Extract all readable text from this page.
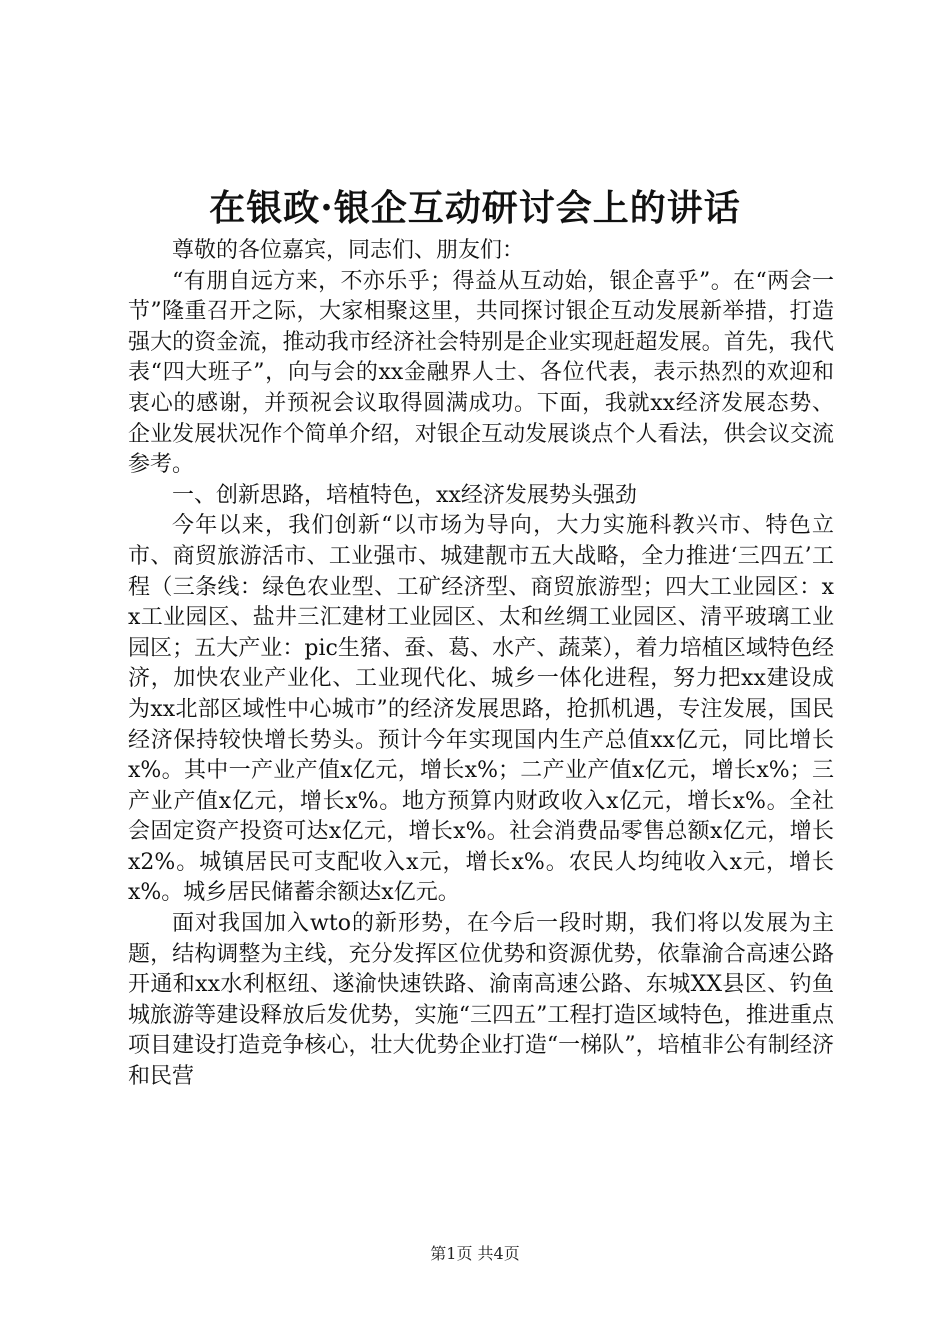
在银政·银企互动研讨会上的讲话

尊敬的各位嘉宾，同志们、朋友们：

“有朋自远方来，不亦乐乎；得益从互动始，银企喜乎”。在“两会一节”隆重召开之际，大家相聚这里，共同探讨银企互动发展新举措，打造强大的资金流，推动我市经济社会特别是企业实现赶超发展。首先，我代表“四大班子”，向与会的xx金融界人士、各位代表，表示热烈的欢迎和衷心的感谢，并预祝会议取得圆满成功。下面，我就xx经济发展态势、企业发展状况作个简单介绍，对银企互动发展谈点个人看法，供会议交流参考。

一、创新思路，培植特色，xx经济发展势头强劲

今年以来，我们创新“以市场为导向，大力实施科教兴市、特色立市、商贸旅游活市、工业强市、城建靓市五大战略，全力推进‘三四五’工程（三条线：绿色农业型、工矿经济型、商贸旅游型；四大工业园区：xx工业园区、盐井三汇建材工业园区、太和丝绸工业园区、清平玻璃工业园区；五大产业：pic生猪、蚕、葛、水产、蔬菜），着力培植区域特色经济，加快农业产业化、工业现代化、城乡一体化进程，努力把xx建设成为xx北部区域性中心城市”的经济发展思路，抢抓机遇，专注发展，国民经济保持较快增长势头。预计今年实现国内生产总值xx亿元，同比增长x%。其中一产业产值x亿元，增长x%；二产业产值x亿元，增长x%；三产业产值x亿元，增长x%。地方预算内财政收入x亿元，增长x%。全社会固定资产投资可达x亿元，增长x%。社会消费品零售总额x亿元，增长x2%。城镇居民可支配收入x元，增长x%。农民人均纯收入x元，增长x%。城乡居民储蓄余额达x亿元。

面对我国加入wto的新形势，在今后一段时期，我们将以发展为主题，结构调整为主线，充分发挥区位优势和资源优势，依靠渝合高速公路开通和xx水利枢纽、遂渝快速铁路、渝南高速公路、东城XX县区、钓鱼城旅游等建设释放后发优势，实施“三四五”工程打造区域特色，推进重点项目建设打造竞争核心，壮大优势企业打造“一梯队”，培植非公有制经济和民营

第1页 共4页
